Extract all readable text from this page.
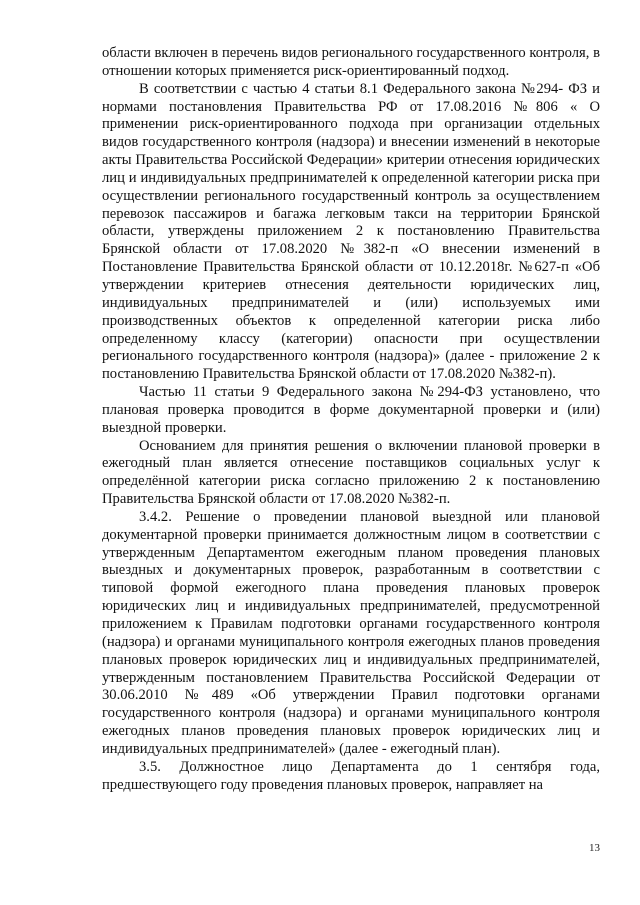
области включен в перечень видов регионального государственного контроля, в отношении которых применяется риск-ориентированный подход.

В соответствии с частью 4 статьи 8.1 Федерального закона №294- ФЗ и нормами постановления Правительства РФ от 17.08.2016 №806 « О применении риск-ориентированного подхода при организации отдельных видов государственного контроля (надзора) и внесении изменений в некоторые акты Правительства Российской Федерации» критерии отнесения юридических лиц и индивидуальных предпринимателей к определенной категории риска при осуществлении регионального государственный контроль за осуществлением перевозок пассажиров и багажа легковым такси на территории Брянской области, утверждены приложением 2 к постановлению Правительства Брянской области от 17.08.2020 №382-п «О внесении изменений в Постановление Правительства Брянской области от 10.12.2018г. №627-п «Об утверждении критериев отнесения деятельности юридических лиц, индивидуальных предпринимателей и (или) используемых ими производственных объектов к определенной категории риска либо определенному классу (категории) опасности при осуществлении регионального государственного контроля (надзора)» (далее - приложение 2 к постановлению Правительства Брянской области от 17.08.2020 №382-п).

Частью 11 статьи 9 Федерального закона №294-ФЗ установлено, что плановая проверка проводится в форме документарной проверки и (или) выездной проверки.

Основанием для принятия решения о включении плановой проверки в ежегодный план является отнесение поставщиков социальных услуг к определённой категории риска согласно приложению 2 к постановлению Правительства Брянской области от 17.08.2020 №382-п.

3.4.2. Решение о проведении плановой выездной или плановой документарной проверки принимается должностным лицом в соответствии с утвержденным Департаментом ежегодным планом проведения плановых выездных и документарных проверок, разработанным в соответствии с типовой формой ежегодного плана проведения плановых проверок юридических лиц и индивидуальных предпринимателей, предусмотренной приложением к Правилам подготовки органами государственного контроля (надзора) и органами муниципального контроля ежегодных планов проведения плановых проверок юридических лиц и индивидуальных предпринимателей, утвержденным постановлением Правительства Российской Федерации от 30.06.2010 №489 «Об утверждении Правил подготовки органами государственного контроля (надзора) и органами муниципального контроля ежегодных планов проведения плановых проверок юридических лиц и индивидуальных предпринимателей» (далее - ежегодный план).

3.5. Должностное лицо Департамента до 1 сентября года, предшествующего году проведения плановых проверок, направляет на

13
